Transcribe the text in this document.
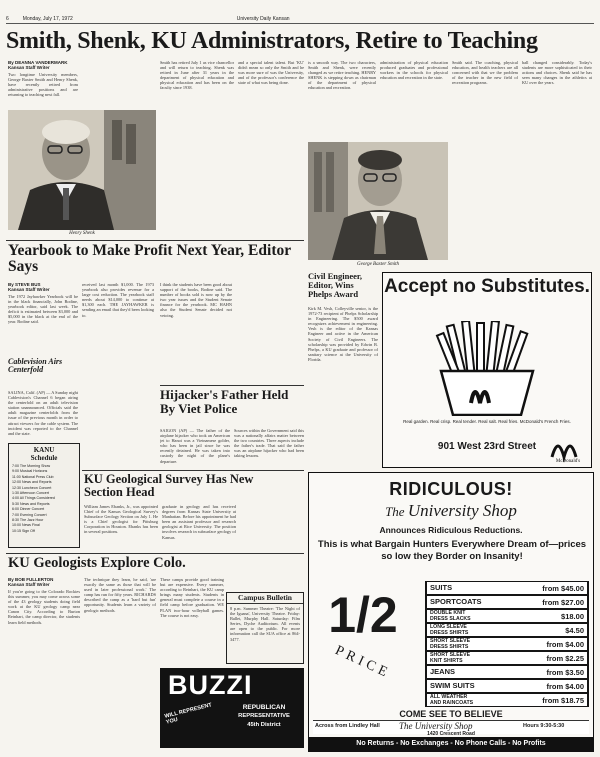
6	Monday, July 17, 1972	University Daily Kansan
Smith, Shenk, KU Administrators, Retire to Teaching
By DEANNA VANDERMARK
Kansan Staff Writer
Two longtime University members, George Baxter Smith and Henry Shenk, have recently retired from administrative positions and are returning to teaching next fall.
Smith has retired July 1 as vice chancellor and will return to teaching. Shenk was retired in June after 31 years in the department of physical education and physical education and has been on the faculty since 1938.
and a special talent talent. But 'KU' didn't mean so only the Smith and he was more sure of was the University, and of the professor's conference the state of what was being done.
is a smooth way. The two characters, Smith and Shenk, were recently changed as we retire teaching. HENRY SHENK is stepping down as chairman of the department of physical education and recreation.
administration of physical education produced graduates and professional workers in the schools for physical education and recreation in the state.
Smith said. The coaching, physical education, and health teachers are all concerned with that we the problem of the teacher in the new field of recreation programs.
ball changed considerably. Today's students are more sophisticated in their actions and choices. Shenk said he has seen many changes in the athletics at KU over the years.
Henry Shenk
George Baxter Smith
Yearbook to Make Profit Next Year, Editor Says
By STEVE BUS
Kansan Staff Writer
The 1972 Jayhawker Yearbook will be in the black financially, John Bodine, yearbook editor, said last week. The deficit is estimated between $3,000 and $5,000 in the black at the end of the year. Bodine said.
received last month $1,000. The 1973 yearbook also provides revenue for a large cost reduction. The yearbook staff needs about $14,000 to continue at $1,300 each. THE JAYHAWKER is sending an email that they'd been looking to.
I think the students have been good about support of the books, Bodine said. The number of books sold is now up by the two year issues and the Student Senate finance for the yearbook. MC HAHN also the Student Senate decided not vetoing.
Cablevision Airs Centerfold
SALINA, Calif. (AP) — A Sunday night Cablevision's Channel 6 began airing the centerfold on an adult television station unannounced. Officials said the adult magazine centerfolds from the issue of the previous month in order to attract viewers for the cable system. The incident was reported to the Channel and the state.
KANU
Schedule
7:00 The Morning Show
9:00 Musical Horizons
11:00 National Press Club
12:00 News and Reports
12:30 Luncheon Concert
1:30 Afternoon Concert
4:00 All Things Considered
5:30 News and Reports
6:00 Dinner Concert
7:00 Evening Concert
8:30 The Jazz Hour
10:00 News Final
10:15 Sign Off
Hijacker's Father Held By Viet Police
SAIGON (AP) — The father of the airplane hijacker who took an American jet to Hanoi was a Vietnamese golder, who has been in jail since he was recently detained. He was taken into custody the night of the plane's departure.
Sources within the Government said this was a nationally affairs matter between the two countries. Three aspects include the father's trade. That said the father was an airplane hijacker who had been taking lessons.
Civil Engineer, Editor, Wins Phelps Award
Kirk M. Vesh, Colleyville senior, is the 1972-73 recipient of Phelps Scholarship in Engineering. The $500 award recognizes achievement in engineering. Vesh is the editor of the Kansas Engineer and active in the American Society of Civil Engineers. The scholarship was provided by Edwin B. Phelps, a KU graduate and professor of sanitary science at the University of Florida.
Accept no Substitutes.
Real garden. Real crisp. Real tender. Real salt. Real fries. McDonald's French Fries.
901 West 23rd Street
McDonald's
KU Geological Survey Has New Section Head
William James Ebanks, Jr., was appointed Chief of the Kansas Geological Survey's Subsurface Geology Section on July 1. He is a Chief geologist for Pittsburg Corporation in Houston. Ebanks has been in several positions.
graduate in geology and has received degrees from Kansas State University at Manhattan. Before his appointment he had been an assistant professor and research geologist at Rice University. The position involves research in subsurface geology of Kansas.
KU Geologists Explore Colo.
By BOB FULLERTON
Kansan Staff Writer
If you're going to the Colorado Rockies this summer, you may come across some of the 43 geology students doing field work at the KU geology camp near Canon City. According to Burton Reinhart, the camp director, the students learn field methods.
The technique they learn, he said, 'are exactly the same as those that will be used in later professional work.' The camp has run for fifty years. RICHARDS described the camp as a 'hard but fun' opportunity. Students learn a variety of geologic methods.
These camps provide good training but are expensive. Every summer, according to Reinhart, the KU camp brings many students. Students in general must complete a course in a field camp before graduation. WE PLAN two-hour volleyball games. The course is not easy.
Campus Bulletin
8 p.m. Summer Theatre: 'The Night of the Iguana', University Theatre. Friday: Ballet, Murphy Hall. Saturday: Film Series, Dyche Auditorium. All events are open to the public. For more information call the SUA office at 864-3477.
BUZZI
WILL REPRESENT YOU
REPUBLICAN
REPRESENTATIVE
45th District
RIDICULOUS!
The University Shop
Announces Ridiculous Reductions.
This is what Bargain Hunters Everywhere Dream of—prices so low they Border on Insanity!
1/2
PRICE
SUITS	from $45.00
SPORTCOATS	from $27.00
DOUBLE KNIT
DRESS SLACKS	$18.00
LONG SLEEVE
DRESS SHIRTS	$4.50
SHORT SLEEVE
DRESS SHIRTS	from $4.00
SHORT SLEEVE
KNIT SHIRTS	from $2.25
JEANS	from $3.50
SWIM SUITS	from $4.00
ALL WEATHER
AND RAINCOATS	from $18.75
COME SEE TO BELIEVE
Across from Lindley Hall The University Shop	Hours 9:30-5:30
1420 Crescent Road
No Returns - No Exchanges - No Phone Calls - No Profits
